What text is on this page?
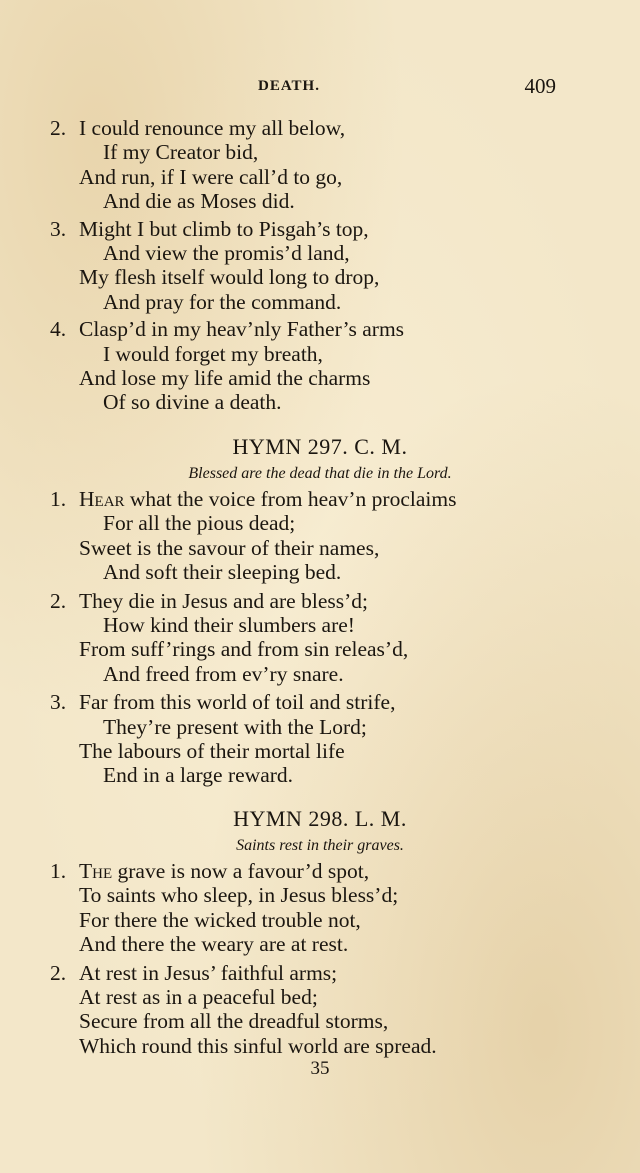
DEATH.	409
2. I could renounce my all below,
If my Creator bid,
And run, if I were call’d to go,
And die as Moses did.
3. Might I but climb to Pisgah’s top,
And view the promis’d land,
My flesh itself would long to drop,
And pray for the command.
4. Clasp’d in my heav’nly Father’s arms
I would forget my breath,
And lose my life amid the charms
Of so divine a death.
HYMN 297. C. M.
Blessed are the dead that die in the Lord.
1. Hear what the voice from heav’n proclaims
For all the pious dead;
Sweet is the savour of their names,
And soft their sleeping bed.
2. They die in Jesus and are bless’d;
How kind their slumbers are!
From suff’rings and from sin releas’d,
And freed from ev’ry snare.
3. Far from this world of toil and strife,
They’re present with the Lord;
The labours of their mortal life
End in a large reward.
HYMN 298. L. M.
Saints rest in their graves.
1. The grave is now a favour’d spot,
To saints who sleep, in Jesus bless’d;
For there the wicked trouble not,
And there the weary are at rest.
2. At rest in Jesus’ faithful arms;
At rest as in a peaceful bed;
Secure from all the dreadful storms,
Which round this sinful world are spread.
35
